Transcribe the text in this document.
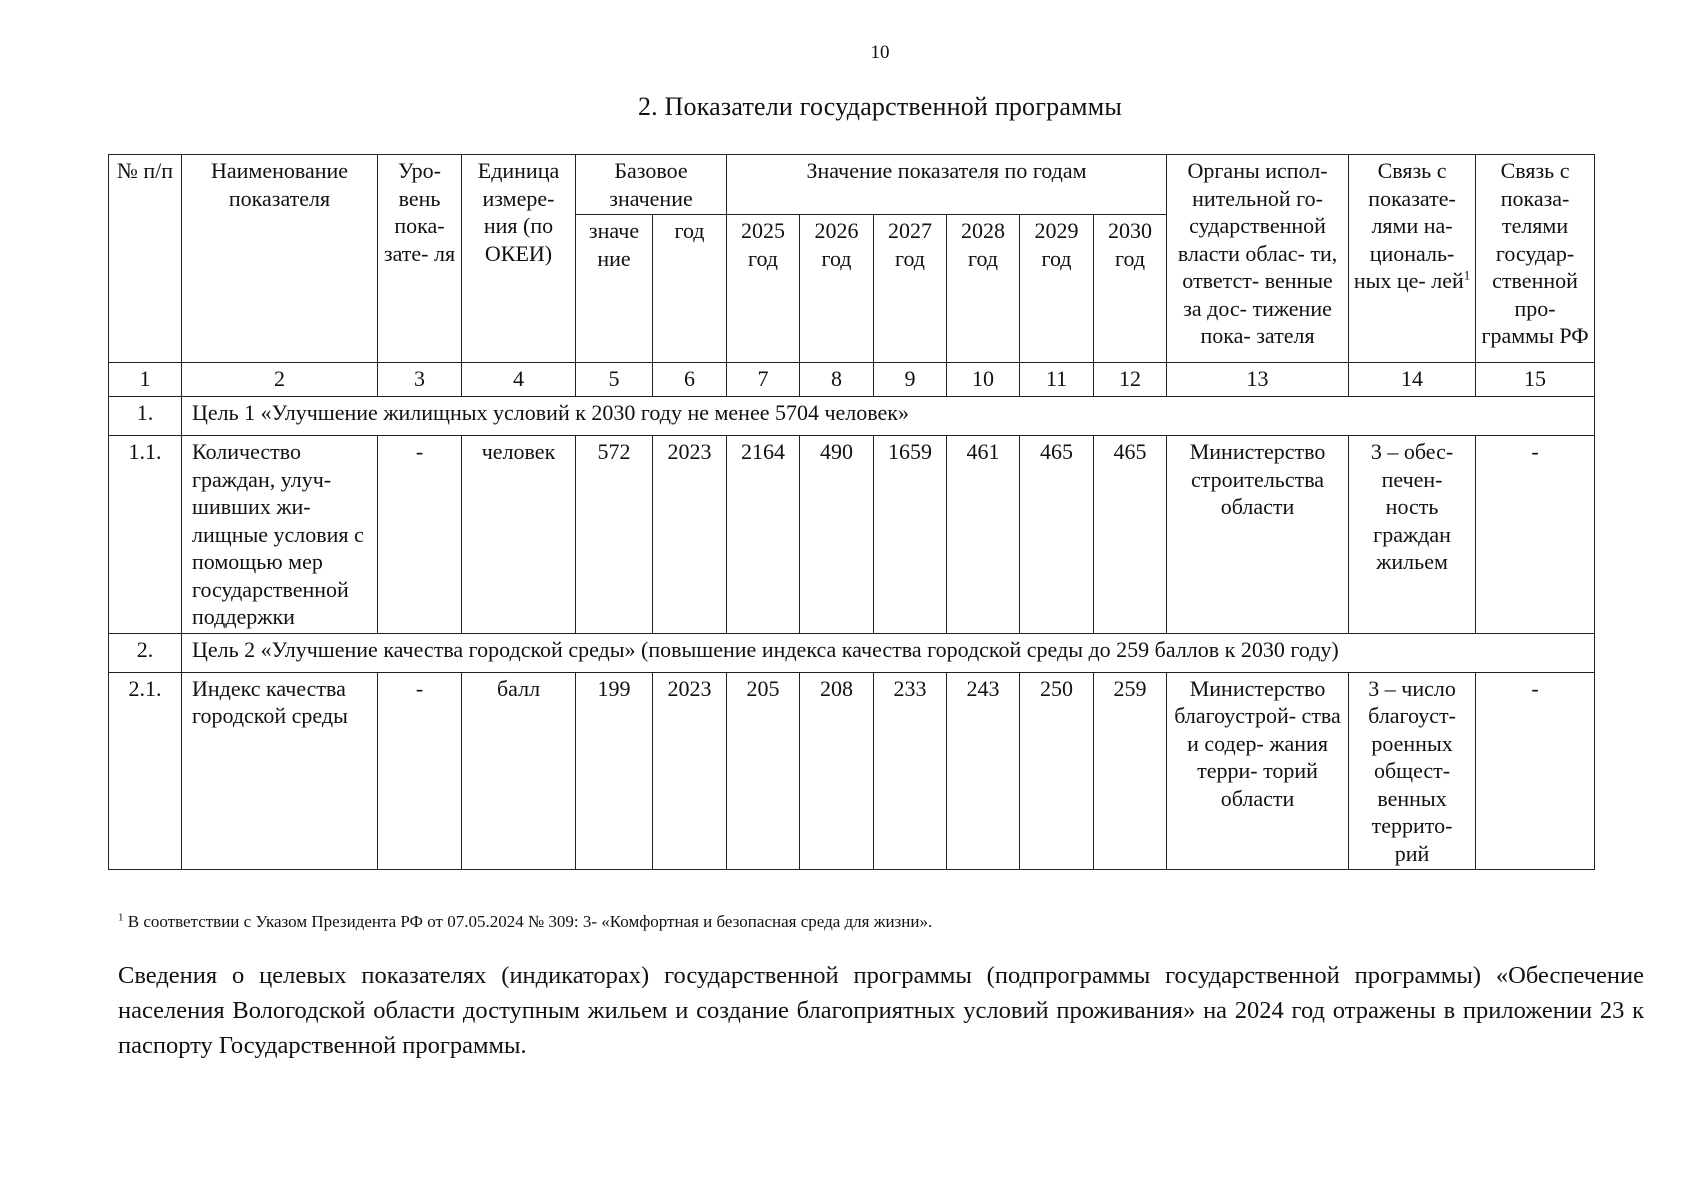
10
2. Показатели государственной программы
№ п/п	Наименование показателя	Уро- вень пока- зате- ля	Единица измере- ния (по ОКЕИ)	Базовое значение		Значение показателя по годам						Органы испол- нительной го- сударственной власти облас- ти, ответст- венные за дос- тижение пока- зателя	Связь с показате- лями на- циональ- ных це- лей$^1$	Связь с показа- телями государ- ственной про- граммы РФ
				значе ние	год	2025 год	2026 год	2027 год	2028 год	2029 год	2030 год			
1	2	3	4	5	6	7	8	9	10	11	12	13	14	15
1.	Цель 1 «Улучшение жилищных условий к 2030 году не менее 5704 человек»													
1.1.	Количество граждан, улуч- шивших жи- лищные условия с помощью мер государственной поддержки	-	человек	572	2023	2164	490	1659	461	465	465	Министерство строительства области	3 – обес- печен- ность граждан жильем	-
2.	Цель 2 «Улучшение качества городской среды» (повышение индекса качества городской среды до 259 баллов к 2030 году)													
2.1.	Индекс качества городской среды	-	балл	199	2023	205	208	233	243	250	259	Министерство благоустрой- ства и содер- жания терри- торий области	3 – число благоуст- роенных общест- венных террито- рий	-
$^1$ В соответствии с Указом Президента РФ от 07.05.2024 № 309: 3- «Комфортная и безопасная среда для жизни».
Сведения о целевых показателях (индикаторах) государственной программы (подпрограммы государственной программы) «Обеспечение населения Вологодской области доступным жильем и создание благоприятных условий проживания» на 2024 год отражены в приложении 23 к паспорту Государственной программы.
